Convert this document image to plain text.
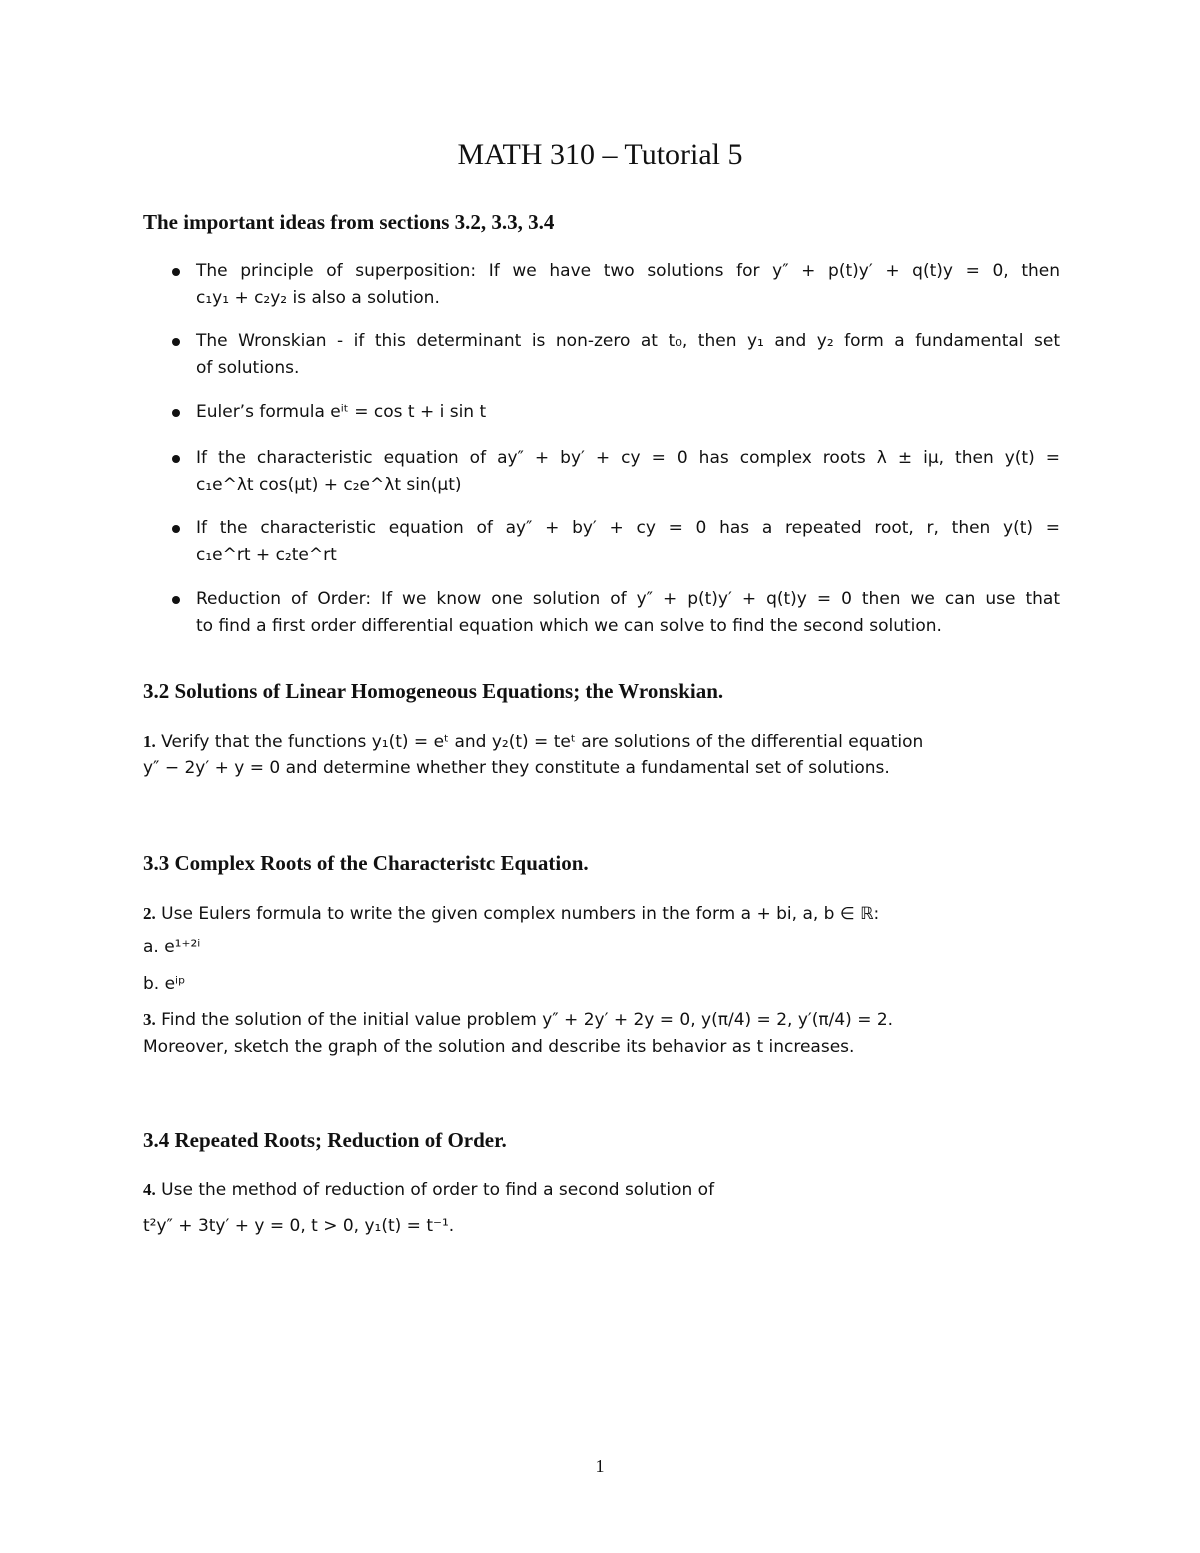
MATH 310 – Tutorial 5
The important ideas from sections 3.2, 3.3, 3.4
The principle of superposition: If we have two solutions for y″ + p(t)y′ + q(t)y = 0, then
c₁y₁ + c₂y₂ is also a solution.
The Wronskian - if this determinant is non-zero at t₀, then y₁ and y₂ form a fundamental set
of solutions.
Euler’s formula eⁱᵗ = cos t + i sin t
If the characteristic equation of ay″ + by′ + cy = 0 has complex roots λ ± iμ, then y(t) =
c₁e^λt cos(μt) + c₂e^λt sin(μt)
If the characteristic equation of ay″ + by′ + cy = 0 has a repeated root, r, then y(t) =
c₁e^rt + c₂te^rt
Reduction of Order: If we know one solution of y″ + p(t)y′ + q(t)y = 0 then we can use that
to find a first order differential equation which we can solve to find the second solution.
3.2 Solutions of Linear Homogeneous Equations; the Wronskian.
1. Verify that the functions y₁(t) = eᵗ and y₂(t) = teᵗ are solutions of the differential equation
y″ − 2y′ + y = 0 and determine whether they constitute a fundamental set of solutions.
3.3 Complex Roots of the Characteristc Equation.
2. Use Eulers formula to write the given complex numbers in the form a + bi, a, b ∈ ℝ:
a. e¹⁺²ⁱ
b. eⁱᵖ
3. Find the solution of the initial value problem y″ + 2y′ + 2y = 0, y(π/4) = 2, y′(π/4) = 2.
Moreover, sketch the graph of the solution and describe its behavior as t increases.
3.4 Repeated Roots; Reduction of Order.
4. Use the method of reduction of order to find a second solution of
t²y″ + 3ty′ + y = 0, t > 0, y₁(t) = t⁻¹.
1
